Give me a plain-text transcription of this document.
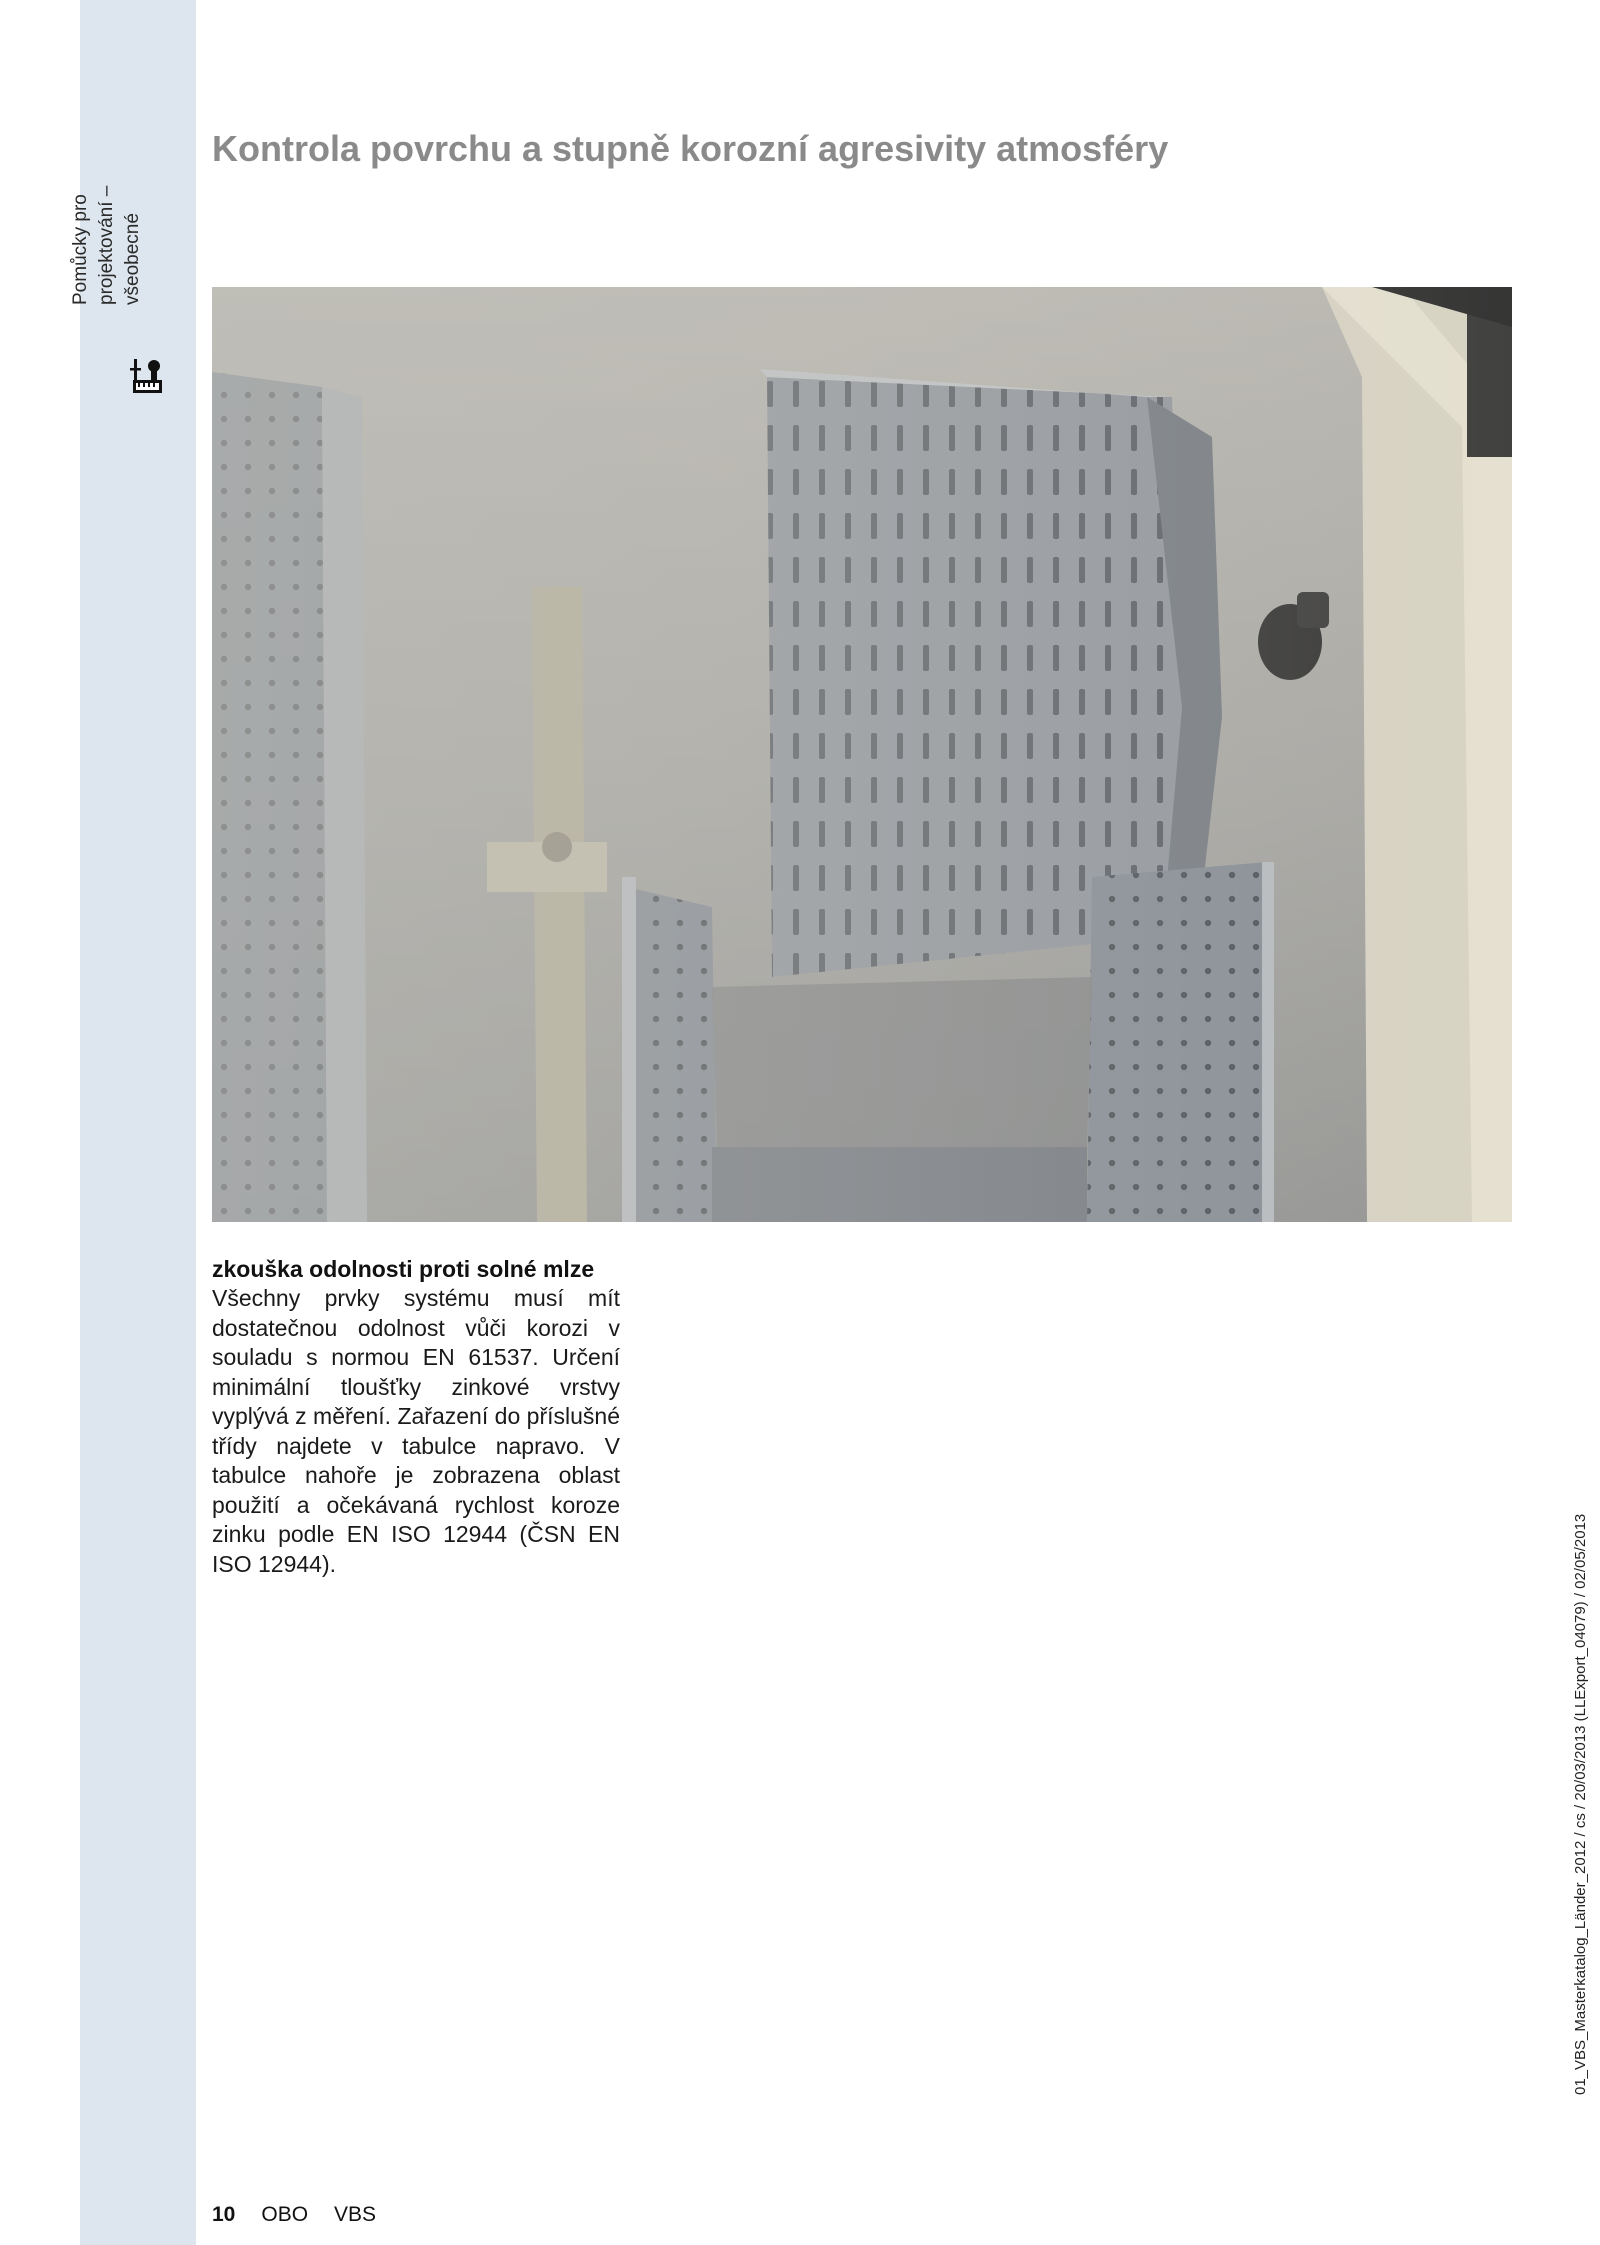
Pomůcky pro projektování – všeobecné
Kontrola povrchu a stupně korozní agresivity atmosféry
zkouška odolnosti proti solné mlze

Všechny prvky systému musí mít dostatečnou odolnost vůči korozi v souladu s normou EN 61537. Určení minimální tloušťky zinkové vrstvy vyplývá z měření. Zařazení do příslušné třídy najdete v tabulce napravo. V tabulce nahoře je zobrazena oblast použití a očekávaná rychlost koroze zinku podle EN ISO 12944 (ČSN EN ISO 12944).

10 OBO VBS
01_VBS_Masterkatalog_Länder_2012 / cs / 20/03/2013 (LLExport_04079) / 02/05/2013
